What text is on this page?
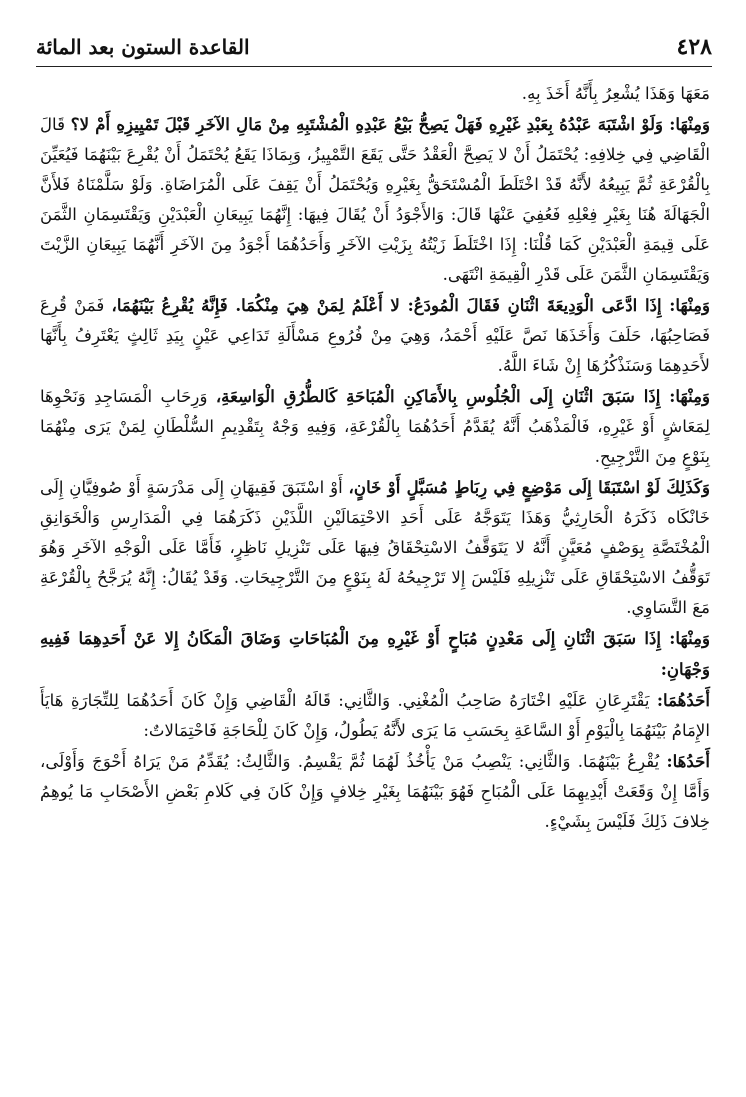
٤٢٨
القاعدة الستون بعد المائة

مَعَهَا وَهَذَا يُشْعِرُ بِأَنَّهُ أَخَذَ بِهِ.

وَمِنْهَا: وَلَوْ اشْتَبَهَ عَبْدُهُ بِعَبْدِ غَيْرِهِ فَهَلْ يَصِحُّ بَيْعُ عَبْدِهِ الْمُشْتَبِهِ مِنْ مَالِ الآخَرِ قَبْلَ تَمْيِيزِهِ أَمْ لا؟ قَالَ الْقَاضِي فِي خِلافِهِ: يُحْتَمَلُ أَنْ لا يَصِحَّ الْعَقْدُ حَتَّى يَقَعَ التَّمْيِيزُ، وَبِمَاذَا يَقَعُ يُحْتَمَلُ أَنْ يُقْرِعَ بَيْنَهُمَا فَيُعَيِّنَ بِالْقُرْعَةِ ثُمَّ يَبِيعُهُ لأَنَّهُ قَدْ اخْتَلَطَ الْمُسْتَحَقُّ بِغَيْرِهِ وَيُحْتَمَلُ أَنْ يَقِفَ عَلَى الْمُرَاضَاةِ. وَلَوْ سَلَّمْنَاهُ فَلأَنَّ الْجَهَالَةَ هُنَا بِغَيْرِ فِعْلِهِ فَعُفِيَ عَنْهَا قَالَ: وَالأَجْوَدُ أَنْ يُقَالَ فِيهَا: إِنَّهُمَا يَبِيعَانِ الْعَبْدَيْنِ وَيَقْتَسِمَانِ الثَّمَنَ عَلَى قِيمَةِ الْعَبْدَيْنِ كَمَا قُلْنَا: إِذَا اخْتَلَطَ زَيْتُهُ بِزَيْتِ الآخَرِ وَأَحَدُهُمَا أَجْوَدُ مِنَ الآخَرِ أَنَّهُمَا يَبِيعَانِ الزَّيْتَ وَيَقْتَسِمَانِ الثَّمَنَ عَلَى قَدْرِ الْقِيمَةِ انْتَهَى.

وَمِنْهَا: إِذَا ادَّعَى الْوَدِيعَةَ اثْنَانِ فَقَالَ الْمُودَعُ: لا أَعْلَمُ لِمَنْ هِيَ مِنْكُمَا. فَإِنَّهُ يُقْرِعُ بَيْنَهُمَا، فَمَنْ قُرِعَ فَصَاحِبُهَا، حَلَفَ وَأَخَذَهَا نَصَّ عَلَيْهِ أَحْمَدُ، وَهِيَ مِنْ فُرُوعِ مَسْأَلَةِ تَدَاعِي عَيْنٍ بِيَدِ ثَالِثٍ يَعْتَرِفُ بِأَنَّهَا لأَحَدِهِمَا وَسَنَذْكُرُهَا إِنْ شَاءَ اللَّهُ.

وَمِنْهَا: إِذَا سَبَقَ اثْنَانِ إِلَى الْجُلُوسِ بِالأَمَاكِنِ الْمُبَاحَةِ كَالطُّرُقِ الْوَاسِعَةِ، وَرِحَابِ الْمَسَاجِدِ وَنَحْوِهَا لِمَعَاشٍ أَوْ غَيْرِهِ، فَالْمَذْهَبُ أَنَّهُ يُقَدَّمُ أَحَدُهُمَا بِالْقُرْعَةِ، وَفِيهِ وَجْهٌ بِتَقْدِيمِ السُّلْطَانِ لِمَنْ يَرَى مِنْهُمَا بِنَوْعٍ مِنَ التَّرْجِيحِ.

وَكَذَلِكَ لَوْ اسْتَبَقَا إِلَى مَوْضِعٍ فِي رِبَاطٍ مُسَبَّلٍ أَوْ خَانٍ، أَوْ اسْتَبَقَ فَقِيهَانِ إِلَى مَدْرَسَةٍ أَوْ صُوفِيَّانِ إِلَى خَانْكَاه ذَكَرَهُ الْحَارِثِيُّ وَهَذَا يَتَوَجَّهُ عَلَى أَحَدِ الاحْتِمَالَيْنِ اللَّذَيْنِ ذَكَرَهُمَا فِي الْمَدَارِسِ وَالْخَوَانِقِ الْمُخْتَصَّةِ بِوَصْفٍ مُعَيَّنٍ أَنَّهُ لا يَتَوَقَّفُ الاسْتِحْقَاقُ فِيهَا عَلَى تَنْزِيلِ نَاظِرٍ، فَأَمَّا عَلَى الْوَجْهِ الآخَرِ وَهُوَ تَوَقُّفُ الاسْتِحْقَاقِ عَلَى تَنْزِيلِهِ فَلَيْسَ إِلا تَرْجِيحُهُ لَهُ بِنَوْعٍ مِنَ التَّرْجِيحَاتِ. وَقَدْ يُقَالُ: إِنَّهُ يُرَجَّحُ بِالْقُرْعَةِ مَعَ التَّسَاوِي.

وَمِنْهَا: إِذَا سَبَقَ اثْنَانِ إِلَى مَعْدِنٍ مُبَاحٍ أَوْ غَيْرِهِ مِنَ الْمُبَاحَاتِ وَضَاقَ الْمَكَانُ إِلا عَنْ أَحَدِهِمَا فَفِيهِ وَجْهَانِ:

أَحَدُهُمَا: يَقْتَرِعَانِ عَلَيْهِ اخْتَارَهُ صَاحِبُ الْمُغْنِي. وَالثَّانِي: قَالَهُ الْقَاضِي وَإِنْ كَانَ أَحَدُهُمَا لِلتِّجَارَةِ هَايَأَ الإِمَامُ بَيْنَهُمَا بِالْيَوْمِ أَوْ السَّاعَةِ بِحَسَبِ مَا يَرَى لأَنَّهُ يَطُولُ، وَإِنْ كَانَ لِلْحَاجَةِ فَاحْتِمَالاتٌ:

أَحَدُهَا: يُقْرِعُ بَيْنَهُمَا. وَالثَّانِي: يَنْصِبُ مَنْ يَأْخُذُ لَهُمَا ثُمَّ يَقْسِمُ. وَالثَّالِثُ: يُقَدِّمُ مَنْ يَرَاهُ أَحْوَجَ وَأَوْلَى، وَأَمَّا إِنْ وَقَعَتْ أَيْدِيهِمَا عَلَى الْمُبَاحِ فَهُوَ بَيْنَهُمَا بِغَيْرِ خِلافٍ وَإِنْ كَانَ فِي كَلامِ بَعْضِ الأَصْحَابِ مَا يُوهِمُ خِلافَ ذَلِكَ فَلَيْسَ بِشَيْءٍ.
